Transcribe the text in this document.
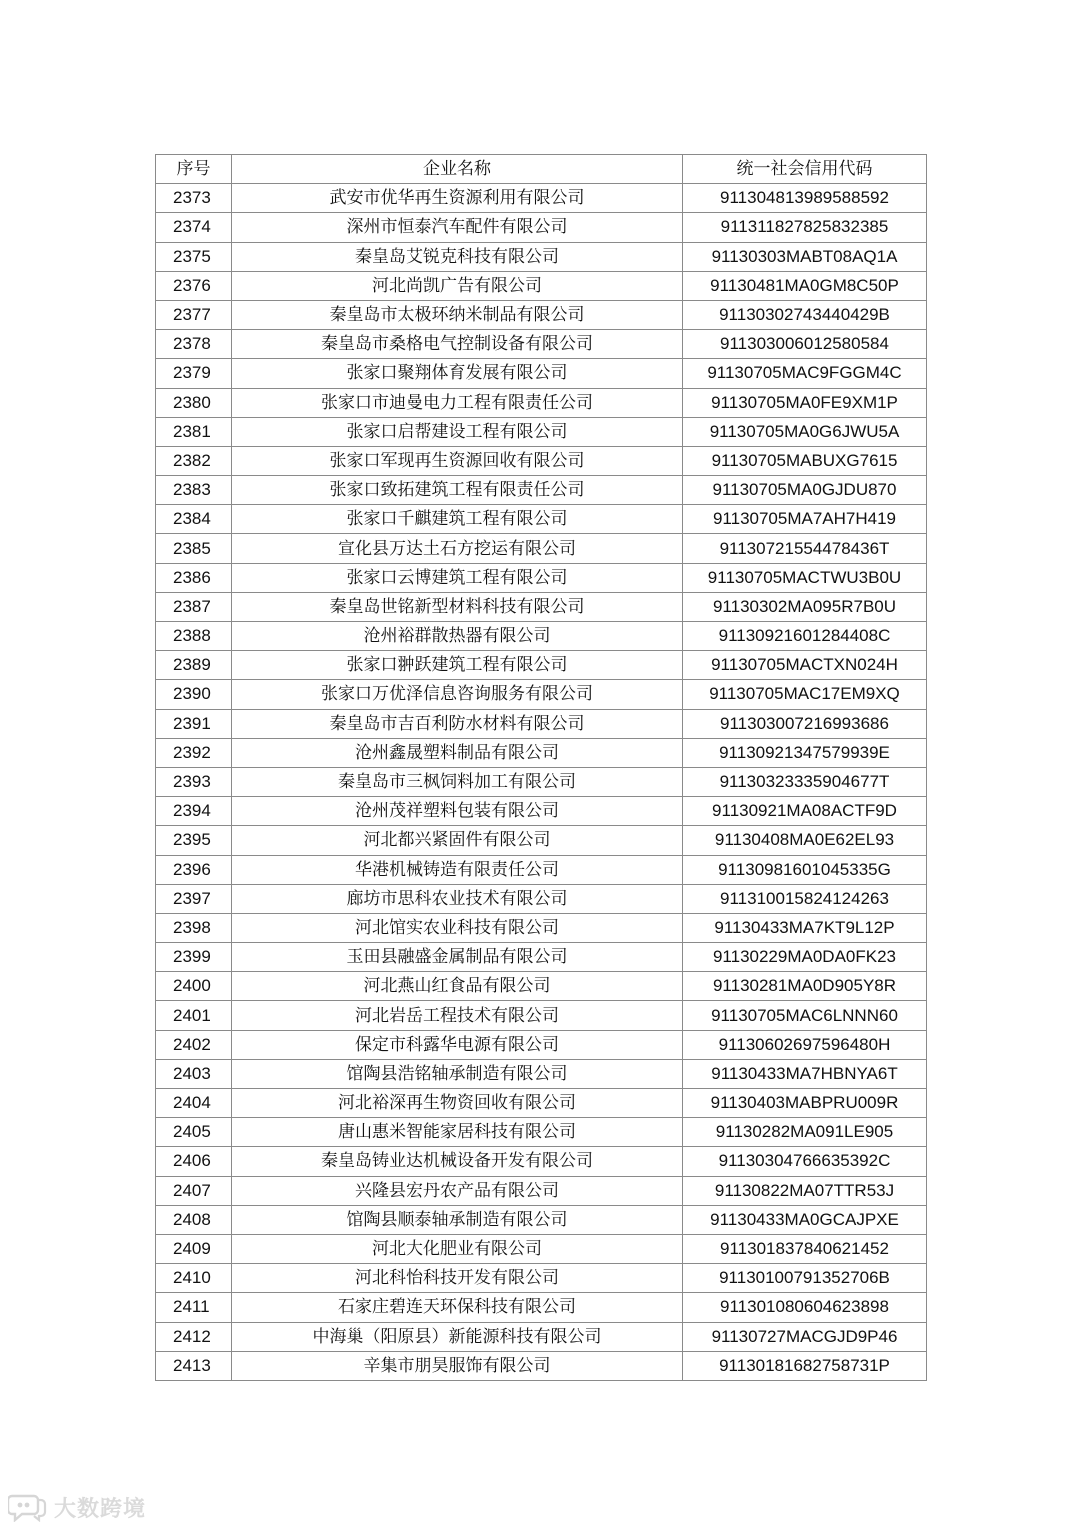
序号	企业名称	统一社会信用代码
2373	武安市优华再生资源利用有限公司	911304813989588592
2374	深州市恒泰汽车配件有限公司	911311827825832385
2375	秦皇岛艾锐克科技有限公司	91130303MABT08AQ1A
2376	河北尚凯广告有限公司	91130481MA0GM8C50P
2377	秦皇岛市太极环纳米制品有限公司	91130302743440429B
2378	秦皇岛市桑格电气控制设备有限公司	911303006012580584
2379	张家口聚翔体育发展有限公司	91130705MAC9FGGM4C
2380	张家口市迪曼电力工程有限责任公司	91130705MA0FE9XM1P
2381	张家口启帮建设工程有限公司	91130705MA0G6JWU5A
2382	张家口军现再生资源回收有限公司	91130705MABUXG7615
2383	张家口致拓建筑工程有限责任公司	91130705MA0GJDU870
2384	张家口千麒建筑工程有限公司	91130705MA7AH7H419
2385	宣化县万达土石方挖运有限公司	91130721554478436T
2386	张家口云博建筑工程有限公司	91130705MACTWU3B0U
2387	秦皇岛世铭新型材料科技有限公司	91130302MA095R7B0U
2388	沧州裕群散热器有限公司	91130921601284408C
2389	张家口翀跃建筑工程有限公司	91130705MACTXN024H
2390	张家口万优泽信息咨询服务有限公司	91130705MAC17EM9XQ
2391	秦皇岛市吉百利防水材料有限公司	911303007216993686
2392	沧州鑫晟塑料制品有限公司	91130921347579939E
2393	秦皇岛市三枫饲料加工有限公司	91130323335904677T
2394	沧州茂祥塑料包装有限公司	91130921MA08ACTF9D
2395	河北都兴紧固件有限公司	91130408MA0E62EL93
2396	华港机械铸造有限责任公司	91130981601045335G
2397	廊坊市思科农业技术有限公司	911310015824124263
2398	河北馆实农业科技有限公司	91130433MA7KT9L12P
2399	玉田县融盛金属制品有限公司	91130229MA0DA0FK23
2400	河北燕山红食品有限公司	91130281MA0D905Y8R
2401	河北岩岳工程技术有限公司	91130705MAC6LNNN60
2402	保定市科露华电源有限公司	91130602697596480H
2403	馆陶县浩铭轴承制造有限公司	91130433MA7HBNYA6T
2404	河北裕深再生物资回收有限公司	91130403MABPRU009R
2405	唐山惠米智能家居科技有限公司	91130282MA091LE905
2406	秦皇岛铸业达机械设备开发有限公司	91130304766635392C
2407	兴隆县宏丹农产品有限公司	91130822MA07TTR53J
2408	馆陶县顺泰轴承制造有限公司	91130433MA0GCAJPXE
2409	河北大化肥业有限公司	911301837840621452
2410	河北科怡科技开发有限公司	91130100791352706B
2411	石家庄碧连天环保科技有限公司	911301080604623898
2412	中海巢（阳原县）新能源科技有限公司	91130727MACGJD9P46
2413	辛集市朋昊服饰有限公司	91130181682758731P
大数跨境
